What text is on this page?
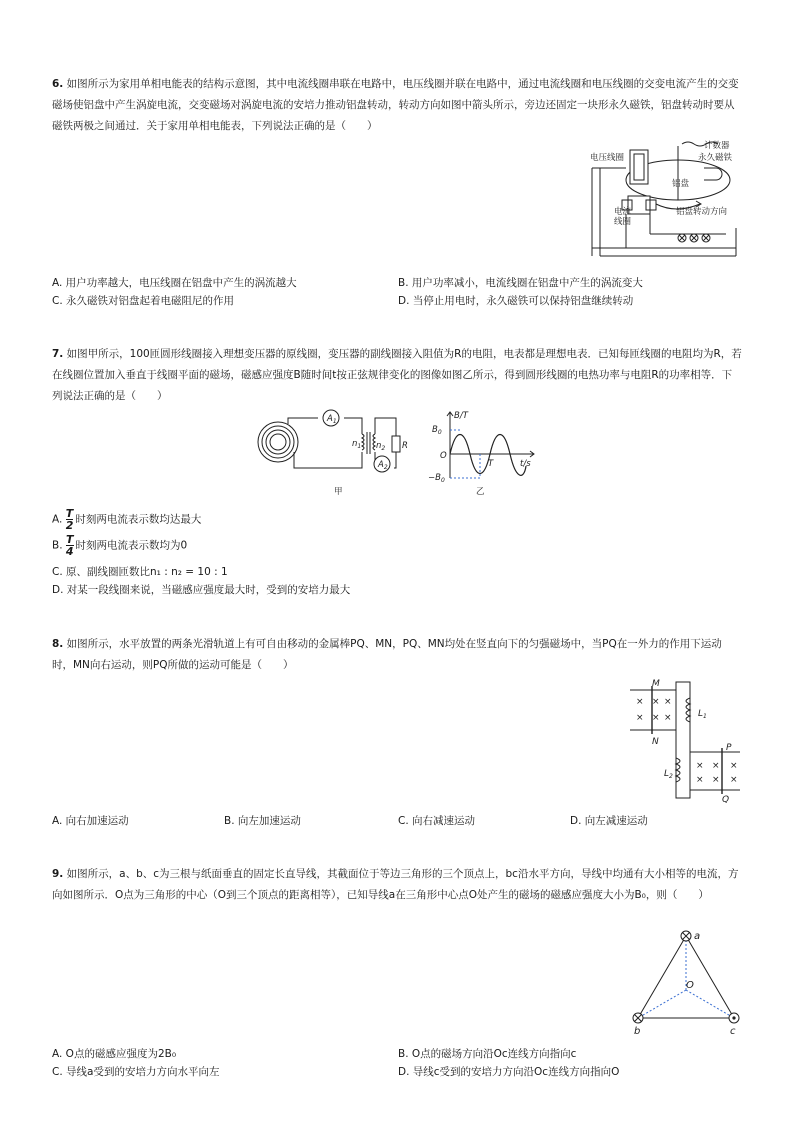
6. 如图所示为家用单相电能表的结构示意图，其中电流线圈串联在电路中，电压线圈并联在电路中，通过电流线圈和电压线圈的交变电流产生的交变磁场使铝盘中产生涡旋电流，交变磁场对涡旋电流的安培力推动铝盘转动，转动方向如图中箭头所示，旁边还固定一块形永久磁铁，铝盘转动时要从磁铁两极之间通过．关于家用单相电能表，下列说法正确的是（　　）
计数器
电压线圈	永久磁铁
铝盘
电流
线圈
铝盘转动方向
A. 用户功率越大，电压线圈在铝盘中产生的涡流越大	B. 用户功率减小，电流线圈在铝盘中产生的涡流变大
C. 永久磁铁对铝盘起着电磁阻尼的作用	D. 当停止用电时，永久磁铁可以保持铝盘继续转动
7. 如图甲所示，100匝圆形线圈接入理想变压器的原线圈，变压器的副线圈接入阻值为R的电阻，电表都是理想电表．已知每匝线圈的电阻均为R，若在线圈位置加入垂直于线圈平面的磁场，磁感应强度B随时间t按正弦规律变化的图像如图乙所示，得到圆形线圈的电热功率与电阻R的功率相等．下列说法正确的是（　　）
$A_1$
$A_2$
$n_1$ $n_2$ R
甲
B/T
$B_0$
O
$-B_0$
T	t/s
乙
A. $\frac{T}{2}$ 时刻两电流表示数均达最大
B. $\frac{T}{4}$ 时刻两电流表示数均为0
C. 原、副线圈匝数比n₁ : n₂ = 10 : 1
D. 对某一段线圈来说，当磁感应强度最大时，受到的安培力最大
8. 如图所示，水平放置的两条光滑轨道上有可自由移动的金属棒PQ、MN，PQ、MN均处在竖直向下的匀强磁场中，当PQ在一外力的作用下运动时，MN向右运动，则PQ所做的运动可能是（　　）
× × ×
× × ×
× × ×
× × ×
M
N
P
Q
$L_1$
$L_2$
A. 向右加速运动	B. 向左加速运动	C. 向右减速运动	D. 向左减速运动
9. 如图所示，a、b、c为三根与纸面垂直的固定长直导线，其截面位于等边三角形的三个顶点上，bc沿水平方向，导线中均通有大小相等的电流，方向如图所示．O点为三角形的中心（O到三个顶点的距离相等），已知导线a在三角形中心点O处产生的磁场的磁感应强度大小为B₀，则（　　）
a
b	c
O
A. O点的磁感应强度为2B₀	B. O点的磁场方向沿Oc连线方向指向c
C. 导线a受到的安培力方向水平向左	D. 导线c受到的安培力方向沿Oc连线方向指向O
